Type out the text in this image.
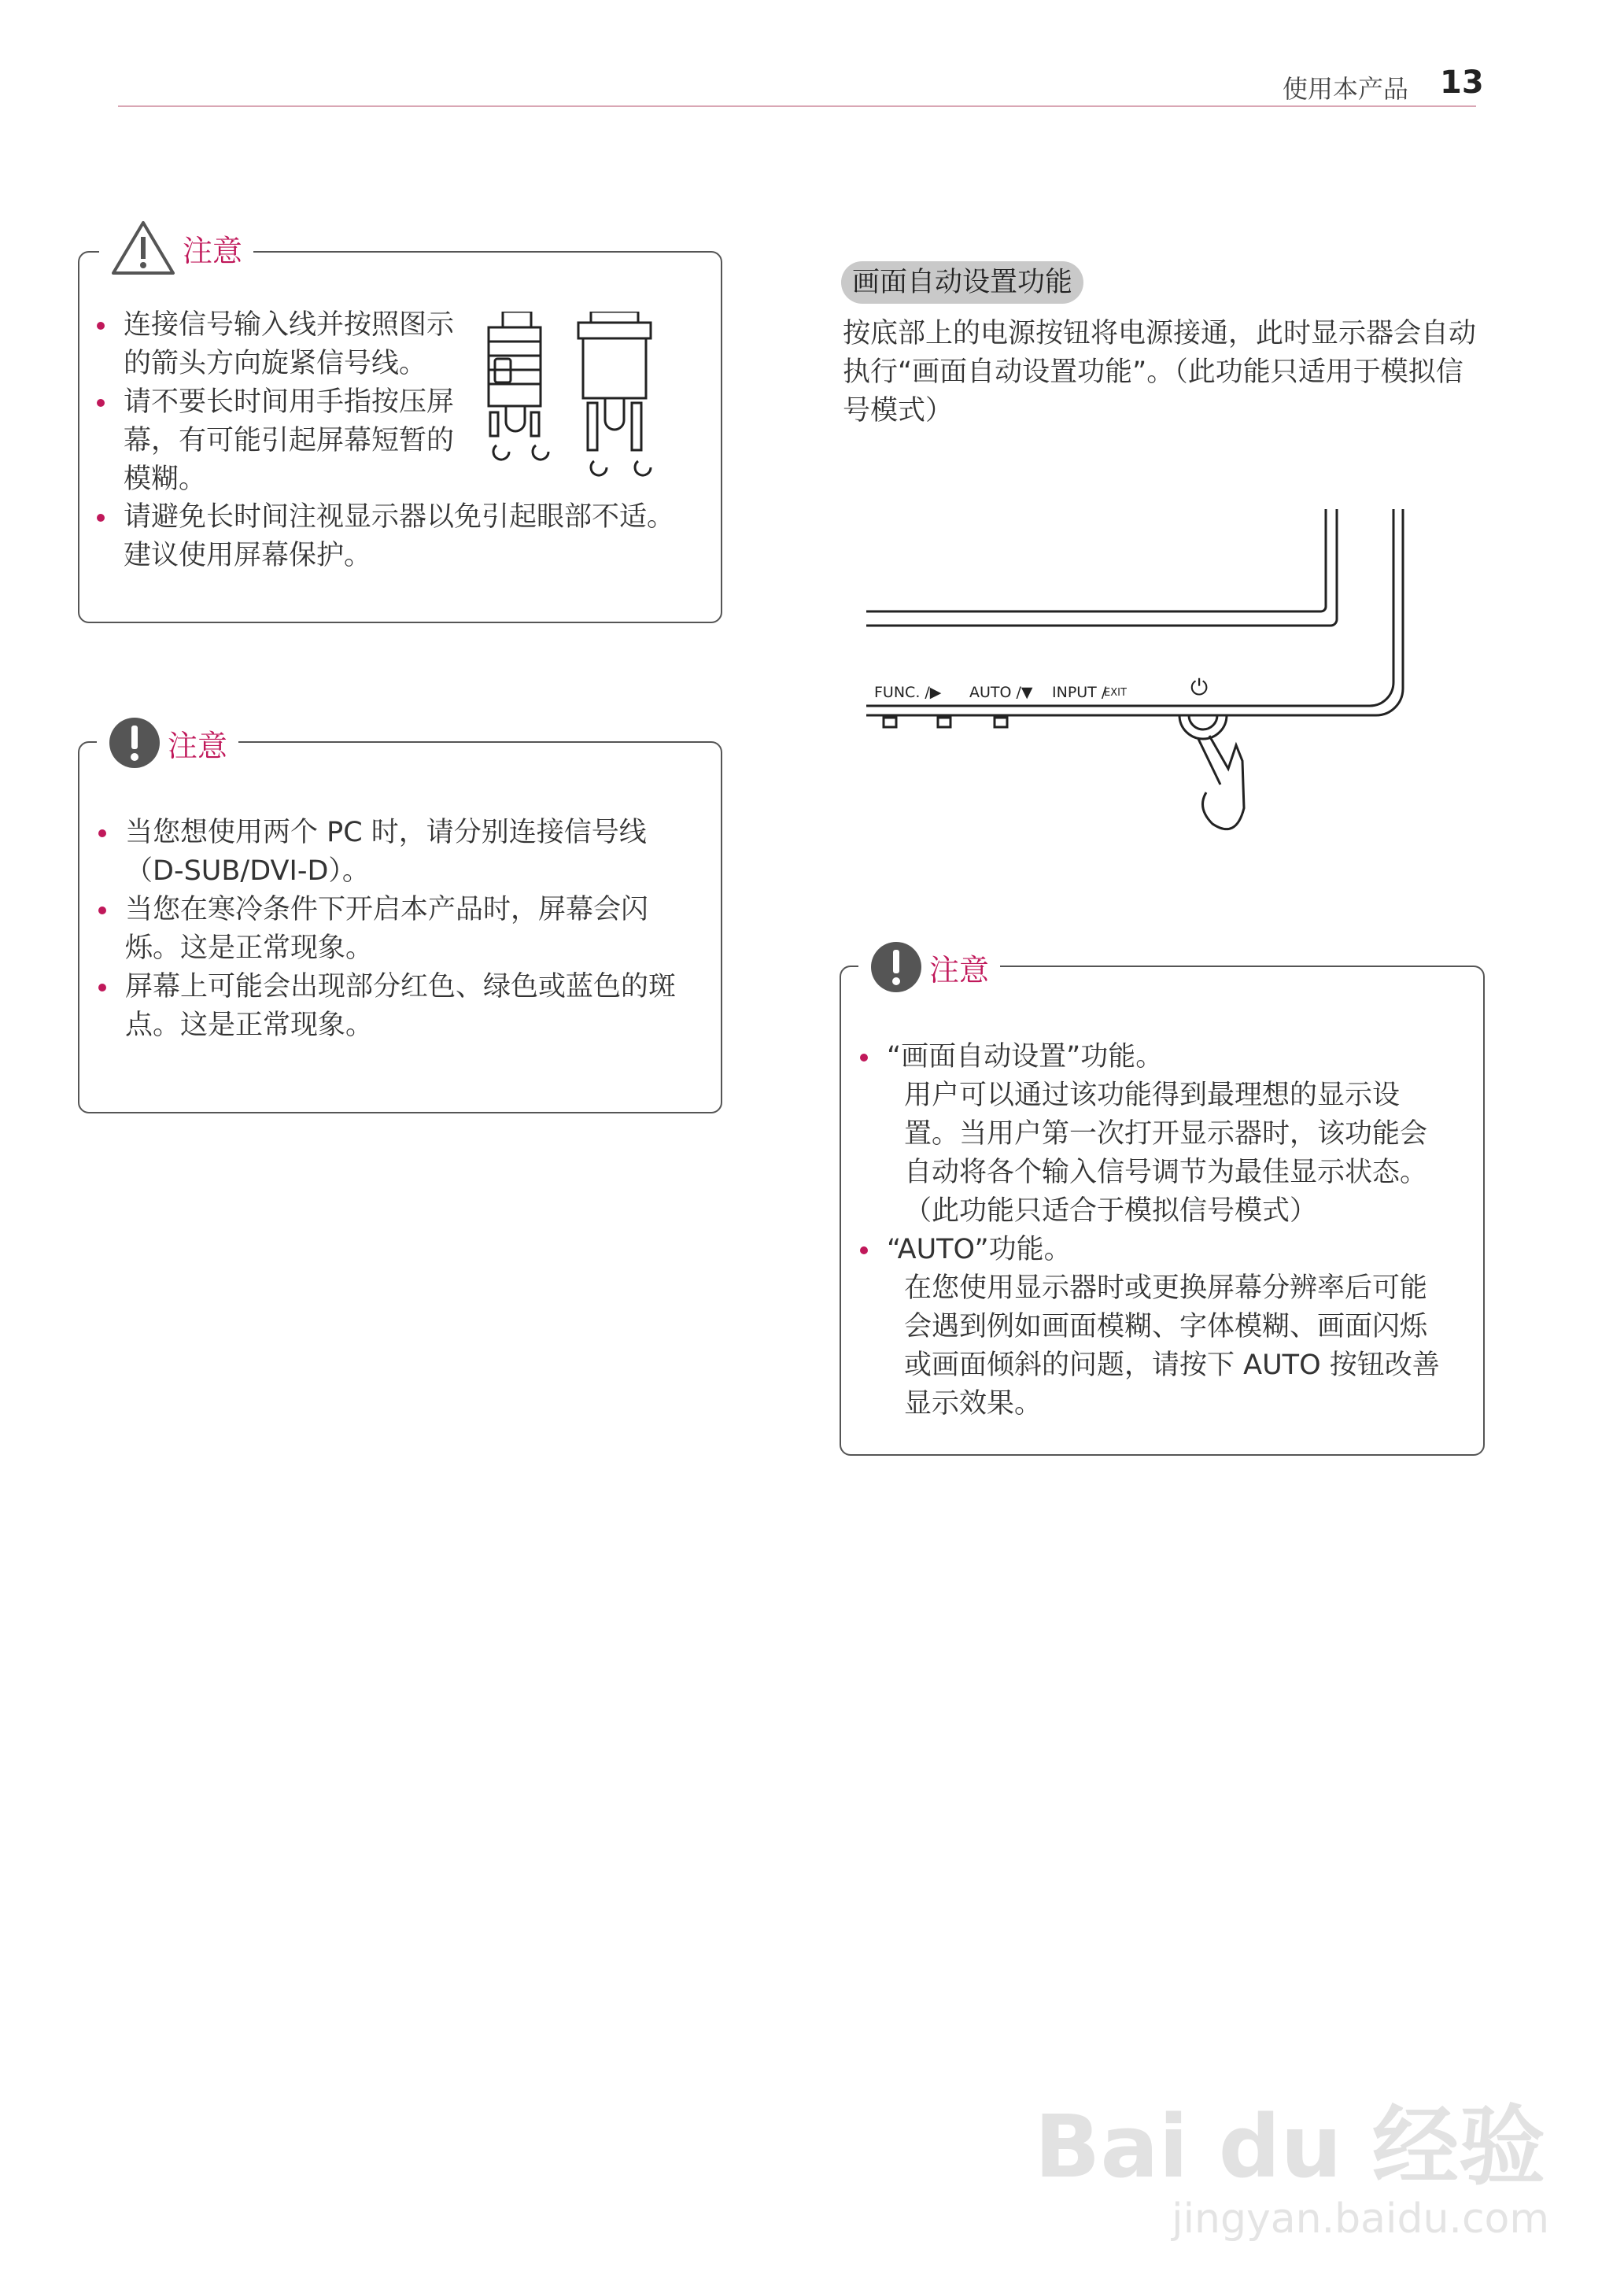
使用本产品 13
注意
连接信号输入线并按照图示的箭头方向旋紧信号线。
请不要长时间用手指按压屏幕，有可能引起屏幕短暂的模糊。
请避免长时间注视显示器以免引起眼部不适。建议使用屏幕保护。
注意
当您想使用两个 PC 时，请分别连接信号线（D-SUB/DVI-D）。
当您在寒冷条件下开启本产品时，屏幕会闪烁。这是正常现象。
屏幕上可能会出现部分红色、绿色或蓝色的斑点。这是正常现象。
画面自动设置功能
按底部上的电源按钮将电源接通，此时显示器会自动执行“画面自动设置功能”。（此功能只适用于模拟信号模式）
FUNC. /▶ AUTO /▼ INPUT /
EXIT	⏻
注意
“画面自动设置”功能。
用户可以通过该功能得到最理想的显示设置。当用户第一次打开显示器时，该功能会自动将各个输入信号调节为最佳显示状态。（此功能只适合于模拟信号模式）
“AUTO”功能。
在您使用显示器时或更换屏幕分辨率后可能会遇到例如画面模糊、字体模糊、画面闪烁或画面倾斜的问题，请按下 AUTO 按钮改善显示效果。
Bai du 经验
jingyan.baidu.com
